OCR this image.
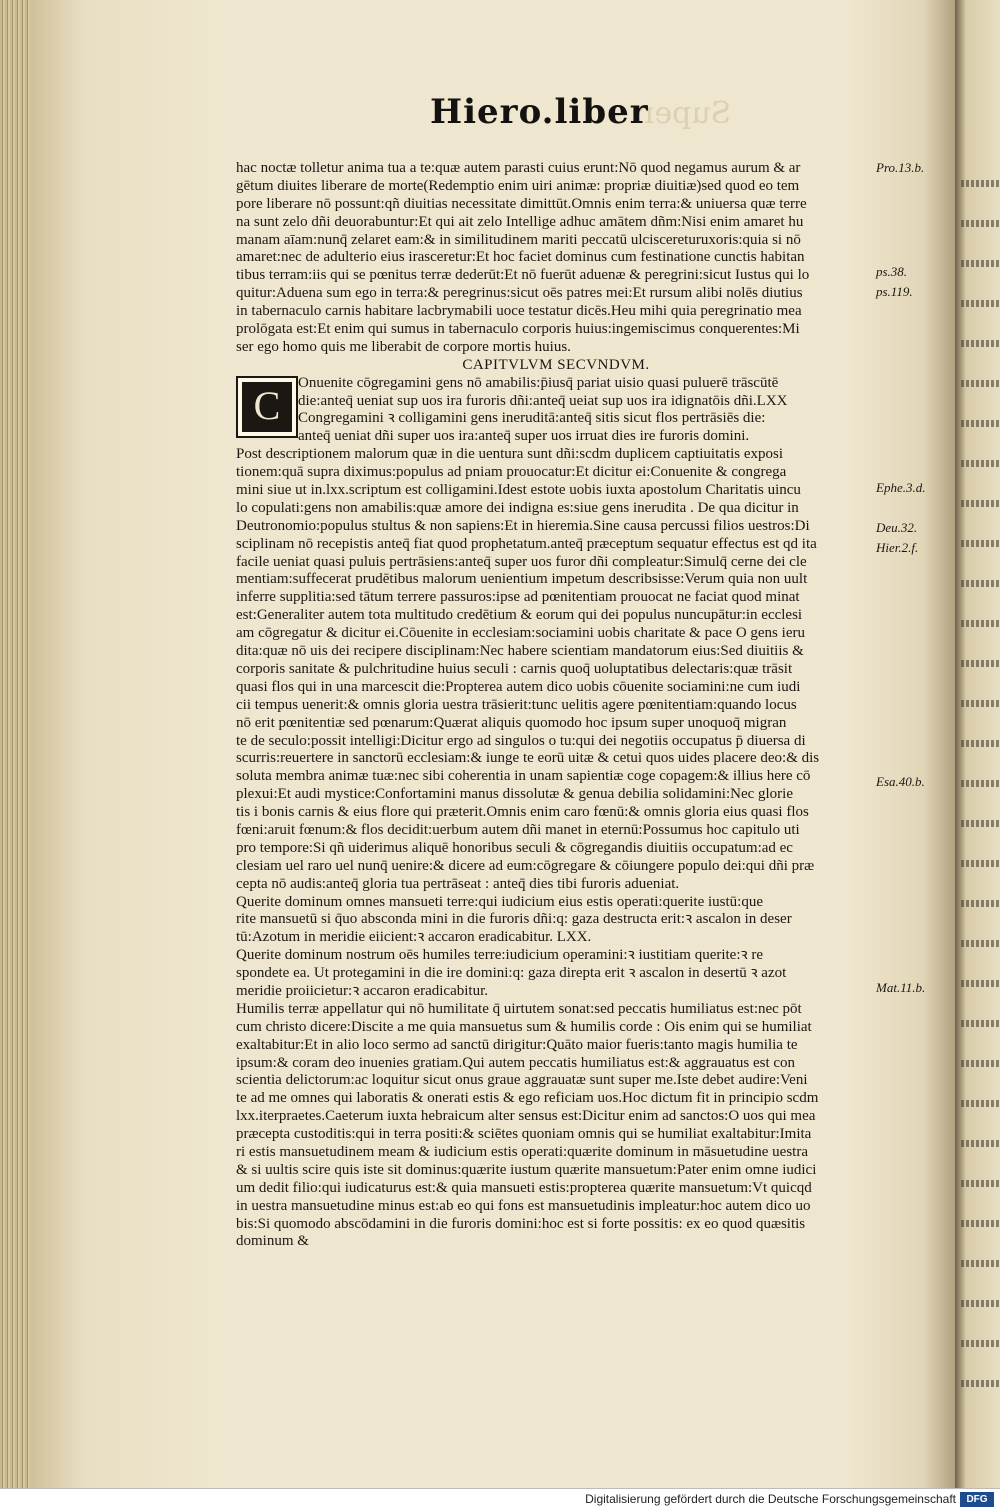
Super
Hiero.liber
C
hac noctæ tolletur anima tua a te:quæ autem parasti cuius erunt:Nō quod negamus aurum & ar
gētum diuites liberare de morte(Redemptio enim uiri animæ: propriæ diuitiæ)sed quod eo tem
pore liberare nō possunt:qñ diuitias necessitate dimittūt.Omnis enim terra:& uniuersa quæ terre
na sunt zelo dñi deuorabuntur:Et qui ait zelo Intellige adhuc amātem dñm:Nisi enim amaret hu
manam aīam:nunq̄ zelaret eam:& in similitudinem mariti peccatū ulciscereturuxoris:quia si nō
amaret:nec de adulterio eius irasceretur:Et hoc faciet dominus cum festinatione cunctis habitan
tibus terram:iis qui se pœnitus terræ dederūt:Et nō fuerūt aduenæ & peregrini:sicut Iustus qui lo
quitur:Aduena sum ego in terra:& peregrinus:sicut oēs patres mei:Et rursum alibi nolēs diutius
in tabernaculo carnis habitare lacbrymabili uoce testatur dicēs.Heu mihi quia peregrinatio mea
prolōgata est:Et enim qui sumus in tabernaculo corporis huius:ingemiscimus conquerentes:Mi
ser ego homo quis me liberabit de corpore mortis huius.
CAPITVLVM SECVNDVM.
Onuenite cōgregamini gens nō amabilis:p̄iusq̄ pariat uisio quasi puluerē trāscūtē
die:anteq̄ ueniat sup uos ira furoris dñi:anteq̄ ueiat sup uos ira idignatōis dñi.LXX
Congregamini ꝛ colligamini gens ineruditā:anteq̄ sitis sicut flos pertrāsiēs die:
anteq̄ ueniat dñi super uos ira:anteq̄ super uos irruat dies ire furoris domini.
Post descriptionem malorum quæ in die uentura sunt dñi:scdm duplicem captiuitatis exposi
tionem:quā supra diximus:populus ad pniam prouocatur:Et dicitur ei:Conuenite & congrega
mini siue ut in.lxx.scriptum est colligamini.Idest estote uobis iuxta apostolum Charitatis uincu
lo copulati:gens non amabilis:quæ amore dei indigna es:siue gens inerudita . De qua dicitur in
Deutronomio:populus stultus & non sapiens:Et in hieremia.Sine causa percussi filios uestros:Di
sciplinam nō recepistis anteq̄ fiat quod prophetatum.anteq̄ præceptum sequatur effectus est qd ita
facile ueniat quasi puluis pertrāsiens:anteq̄ super uos furor dñi compleatur:Simulq̄ cerne dei cle
mentiam:suffecerat prudētibus malorum uenientium impetum describsisse:Verum quia non uult
inferre supplitia:sed tātum terrere passuros:ipse ad pœnitentiam prouocat ne faciat quod minat
est:Generaliter autem tota multitudo credētium & eorum qui dei populus nuncupātur:in ecclesi
am cōgregatur & dicitur ei.Cōuenite in ecclesiam:sociamini uobis charitate & pace O gens ieru
dita:quæ nō uis dei recipere disciplinam:Nec habere scientiam mandatorum eius:Sed diuitiis &
corporis sanitate & pulchritudine huius seculi : carnis quoq̄ uoluptatibus delectaris:quæ trāsit
quasi flos qui in una marcescit die:Propterea autem dico uobis cōuenite sociamini:ne cum iudi
cii tempus uenerit:& omnis gloria uestra trāsierit:tunc uelitis agere pœnitentiam:quando locus
nō erit pœnitentiæ sed pœnarum:Quærat aliquis quomodo hoc ipsum super unoquoq̄ migran
te de seculo:possit intelligi:Dicitur ergo ad singulos o tu:qui dei negotiis occupatus p̄ diuersa di
scurris:reuertere in sanctorū ecclesiam:& iunge te eorū uitæ & cetui quos uides placere deo:& dis
soluta membra animæ tuæ:nec sibi coherentia in unam sapientiæ coge copagem:& illius here cō
plexui:Et audi mystice:Confortamini manus dissolutæ & genua debilia solidamini:Nec glorie
tis i bonis carnis & eius flore qui præterit.Omnis enim caro fœnū:& omnis gloria eius quasi flos
fœni:aruit fœnum:& flos decidit:uerbum autem dñi manet in eternū:Possumus hoc capitulo uti
pro tempore:Si qñ uiderimus aliquē honoribus seculi & cōgregandis diuitiis occupatum:ad ec
clesiam uel raro uel nunq̄ uenire:& dicere ad eum:cōgregare & cōiungere populo dei:qui dñi præ
cepta nō audis:anteq̄ gloria tua pertrāseat : anteq̄ dies tibi furoris adueniat.
Querite dominum omnes mansueti terre:qui iudicium eius estis operati:querite iustū:que
rite mansuetū si q̄uo absconda mini in die furoris dñi:q: gaza destructa erit:ꝛ ascalon in deser
tū:Azotum in meridie eiicient:ꝛ accaron eradicabitur. LXX.
Querite dominum nostrum oēs humiles terre:iudicium operamini:ꝛ iustitiam querite:ꝛ re
spondete ea. Ut protegamini in die ire domini:q: gaza direpta erit ꝛ ascalon in desertū ꝛ azot
meridie proiicietur:ꝛ accaron eradicabitur.
Humilis terræ appellatur qui nō humilitate q̄ uirtutem sonat:sed peccatis humiliatus est:nec pōt
cum christo dicere:Discite a me quia mansuetus sum & humilis corde : Ois enim qui se humiliat
exaltabitur:Et in alio loco sermo ad sanctū dirigitur:Quāto maior fueris:tanto magis humilia te
ipsum:& coram deo inuenies gratiam.Qui autem peccatis humiliatus est:& aggrauatus est con
scientia delictorum:ac loquitur sicut onus graue aggrauatæ sunt super me.Iste debet audire:Veni
te ad me omnes qui laboratis & onerati estis & ego reficiam uos.Hoc dictum fit in principio scdm
lxx.iterpraetes.Caeterum iuxta hebraicum alter sensus est:Dicitur enim ad sanctos:O uos qui mea
præcepta custoditis:qui in terra positi:& sciētes quoniam omnis qui se humiliat exaltabitur:Imita
ri estis mansuetudinem meam & iudicium estis operati:quærite dominum in māsuetudine uestra
& si uultis scire quis iste sit dominus:quærite iustum quærite mansuetum:Pater enim omne iudici
um dedit filio:qui iudicaturus est:& quia mansueti estis:propterea quærite mansuetum:Vt quicqd
in uestra mansuetudine minus est:ab eo qui fons est mansuetudinis impleatur:hoc autem dico uo
bis:Si quomodo abscōdamini in die furoris domini:hoc est si forte possitis: ex eo quod quæsitis
dominum &
Pro.13.b.
ps.38.
ps.119.
Ephe.3.d.
Deu.32.
Hier.2.f.
Esa.40.b.
Mat.11.b.
Digitalisierung gefördert durch die Deutsche Forschungsgemeinschaft	DFG
